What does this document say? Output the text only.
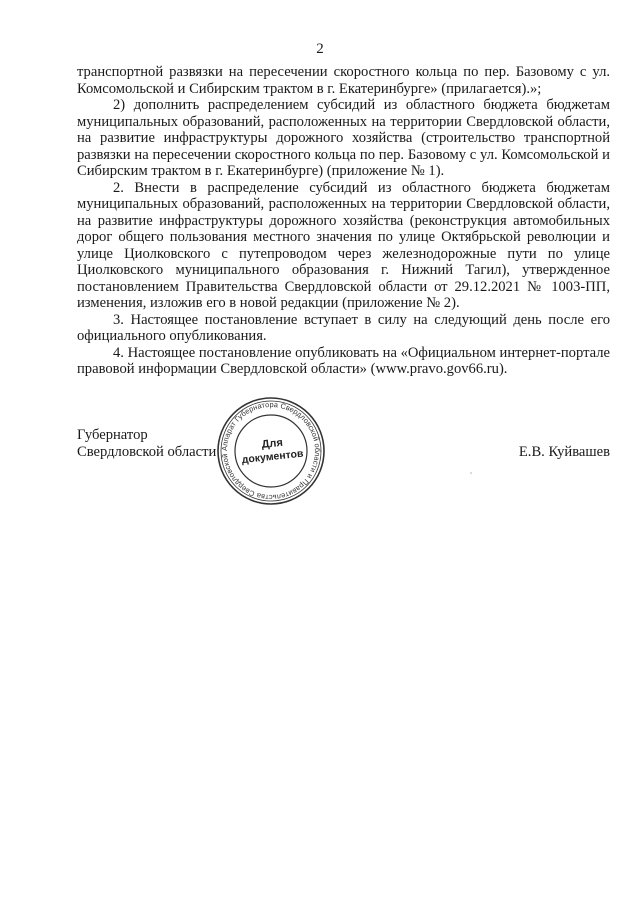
2

транспортной развязки на пересечении скоростного кольца по пер. Базовому с ул. Комсомольской и Сибирским трактом в г. Екатеринбурге» (прилагается).»;

2) дополнить распределением субсидий из областного бюджета бюджетам муниципальных образований, расположенных на территории Свердловской области, на развитие инфраструктуры дорожного хозяйства (строительство транспортной развязки на пересечении скоростного кольца по пер. Базовому с ул. Комсомольской и Сибирским трактом в г. Екатеринбурге) (приложение № 1).

2. Внести в распределение субсидий из областного бюджета бюджетам муниципальных образований, расположенных на территории Свердловской области, на развитие инфраструктуры дорожного хозяйства (реконструкция автомобильных дорог общего пользования местного значения по улице Октябрьской революции и улице Циолковского с путепроводом через железнодорожные пути по улице Циолковского муниципального образования г. Нижний Тагил), утвержденное постановлением Правительства Свердловской области от 29.12.2021 № 1003-ПП, изменения, изложив его в новой редакции (приложение № 2).

3. Настоящее постановление вступает в силу на следующий день после его официального опубликования.

4. Настоящее постановление опубликовать на «Официальном интернет-портале правовой информации Свердловской области» (www.pravo.gov66.ru).

Губернатор
Свердловской области Аппарат Губернатора Свердловской области и Правительства Свердловской
Для
документов	Е.В. Куйвашев
